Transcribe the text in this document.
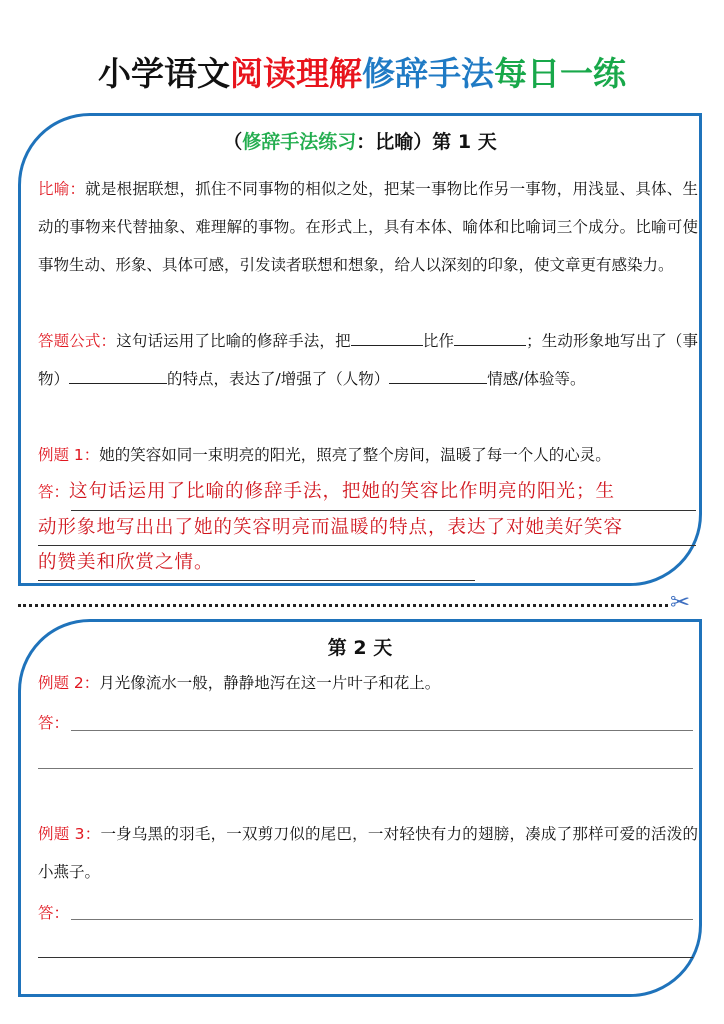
小学语文阅读理解修辞手法每日一练
（修辞手法练习：比喻）第 1 天
比喻：就是根据联想，抓住不同事物的相似之处，把某一事物比作另一事物，用浅显、具体、生动的事物来代替抽象、难理解的事物。在形式上，具有本体、喻体和比喻词三个成分。比喻可使事物生动、形象、具体可感，引发读者联想和想象，给人以深刻的印象，使文章更有感染力。
答题公式：这句话运用了比喻的修辞手法，把	比作	；生动形象地写出了（事物）	的特点，表达了/增强了（人物）	情感/体验等。
例题 1：她的笑容如同一束明亮的阳光，照亮了整个房间，温暖了每一个人的心灵。
答：这句话运用了比喻的修辞手法，把她的笑容比作明亮的阳光；生
动形象地写出出了她的笑容明亮而温暖的特点，表达了对她美好笑容
的赞美和欣赏之情。
✂
第 2 天
例题 2：月光像流水一般，静静地泻在这一片叶子和花上。
答：
例题 3：一身乌黑的羽毛，一双剪刀似的尾巴，一对轻快有力的翅膀，凑成了那样可爱的活泼的小燕子。
答：
